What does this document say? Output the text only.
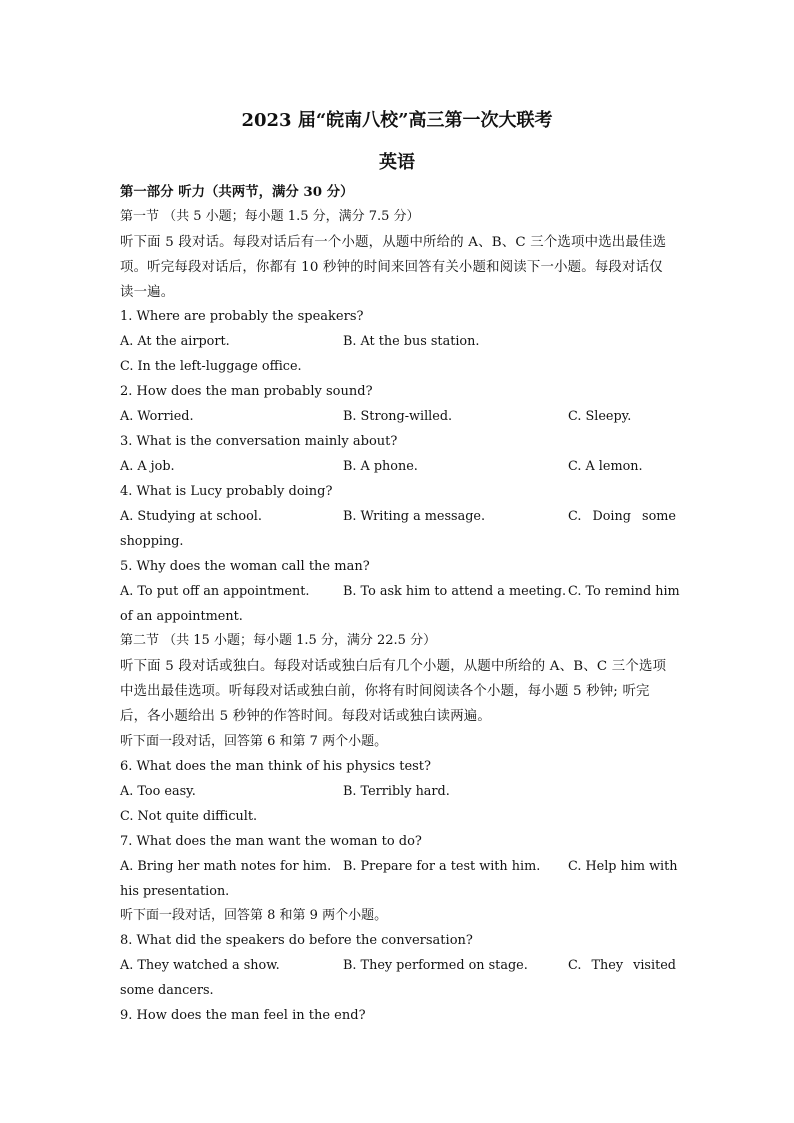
2023 届“皖南八校”高三第一次大联考
英语
第一部分 听力（共两节，满分 30 分）
第一节 （共 5 小题；每小题 1.5 分，满分 7.5 分）
听下面 5 段对话。每段对话后有一个小题，从题中所给的 A、B、C 三个选项中选出最佳选项。听完每段对话后，你都有 10 秒钟的时间来回答有关小题和阅读下一小题。每段对话仅读一遍。
1. Where are probably the speakers?
A. At the airport.	B. At the bus station.
C. In the left-luggage office.
2. How does the man probably sound?
A. Worried.	B. Strong-willed.	C. Sleepy.
3. What is the conversation mainly about?
A. A job.	B. A phone.	C. A lemon.
4. What is Lucy probably doing?
A. Studying at school.	B. Writing a message.	C. Doing some
shopping.
5. Why does the woman call the man?
A. To put off an appointment.	B. To ask him to attend a meeting. C. To remind him
of an appointment.
第二节 （共 15 小题；每小题 1.5 分，满分 22.5 分）
听下面 5 段对话或独白。每段对话或独白后有几个小题，从题中所给的 A、B、C 三个选项中选出最佳选项。听每段对话或独白前，你将有时间阅读各个小题，每小题 5 秒钟; 听完后，各小题给出 5 秒钟的作答时间。每段对话或独白读两遍。
听下面一段对话，回答第 6 和第 7 两个小题。
6. What does the man think of his physics test?
A. Too easy.	B. Terribly hard.
C. Not quite difficult.
7. What does the man want the woman to do?
A. Bring her math notes for him. B. Prepare for a test with him. C. Help him with
his presentation.
听下面一段对话，回答第 8 和第 9 两个小题。
8. What did the speakers do before the conversation?
A. They watched a show.	B. They performed on stage.	C. They visited
some dancers.
9. How does the man feel in the end?
